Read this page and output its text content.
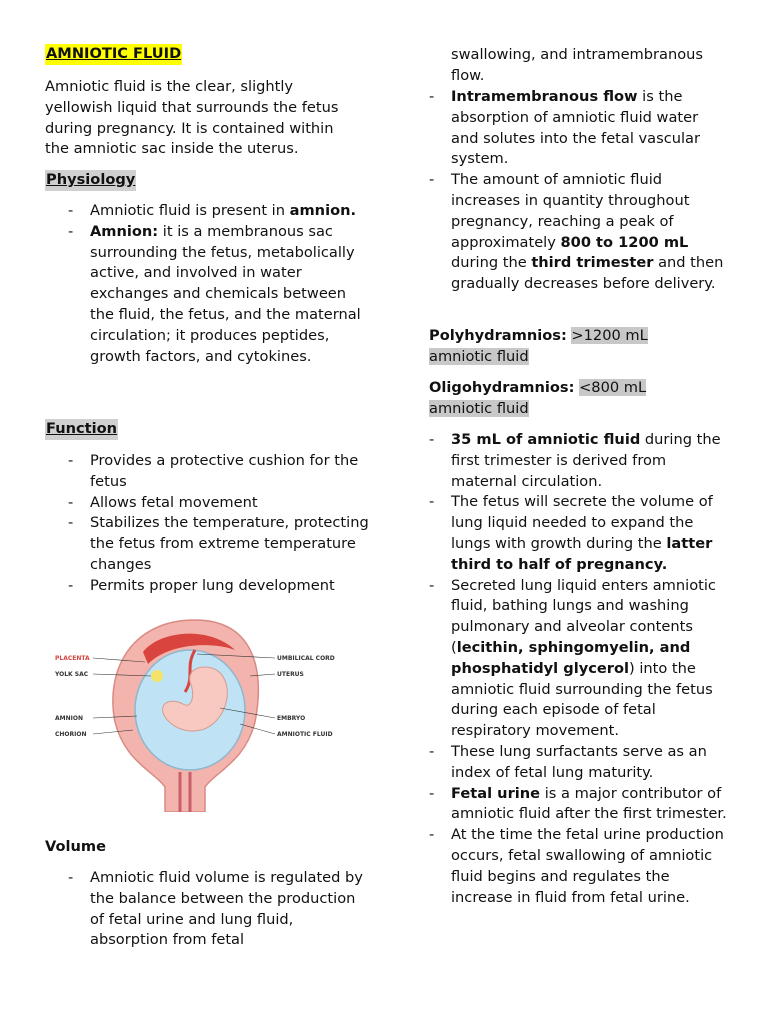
AMNIOTIC FLUID

Amniotic fluid is the clear, slightly yellowish liquid that surrounds the fetus during pregnancy. It is contained within the amniotic sac inside the uterus.

Physiology
- Amniotic fluid is present in amnion.
- Amnion: it is a membranous sac surrounding the fetus, metabolically active, and involved in water exchanges and chemicals between the fluid, the fetus, and the maternal circulation; it produces peptides, growth factors, and cytokines.
Function
- Provides a protective cushion for the fetus
- Allows fetal movement
- Stabilizes the temperature, protecting the fetus from extreme temperature changes
- Permits proper lung development
PLACENTA
YOLK SAC
AMNION
CHORION
UMBILICAL CORD
UTERUS
EMBRYO
AMNIOTIC FLUID
Volume
- Amniotic fluid volume is regulated by the balance between the production of fetal urine and lung fluid, absorption from fetal

swallowing, and intramembranous flow.

- Intramembranous flow is the absorption of amniotic fluid water and solutes into the fetal vascular system.
- The amount of amniotic fluid increases in quantity throughout pregnancy, reaching a peak of approximately 800 to 1200 mL during the third trimester and then gradually decreases before delivery.

Polyhydramnios: >1200 mL amniotic fluid

Oligohydramnios: <800 mL amniotic fluid

- 35 mL of amniotic fluid during the first trimester is derived from maternal circulation.
- The fetus will secrete the volume of lung liquid needed to expand the lungs with growth during the latter third to half of pregnancy.
- Secreted lung liquid enters amniotic fluid, bathing lungs and washing pulmonary and alveolar contents (lecithin, sphingomyelin, and phosphatidyl glycerol) into the amniotic fluid surrounding the fetus during each episode of fetal respiratory movement.
- These lung surfactants serve as an index of fetal lung maturity.
- Fetal urine is a major contributor of amniotic fluid after the first trimester.
- At the time the fetal urine production occurs, fetal swallowing of amniotic fluid begins and regulates the increase in fluid from fetal urine.
